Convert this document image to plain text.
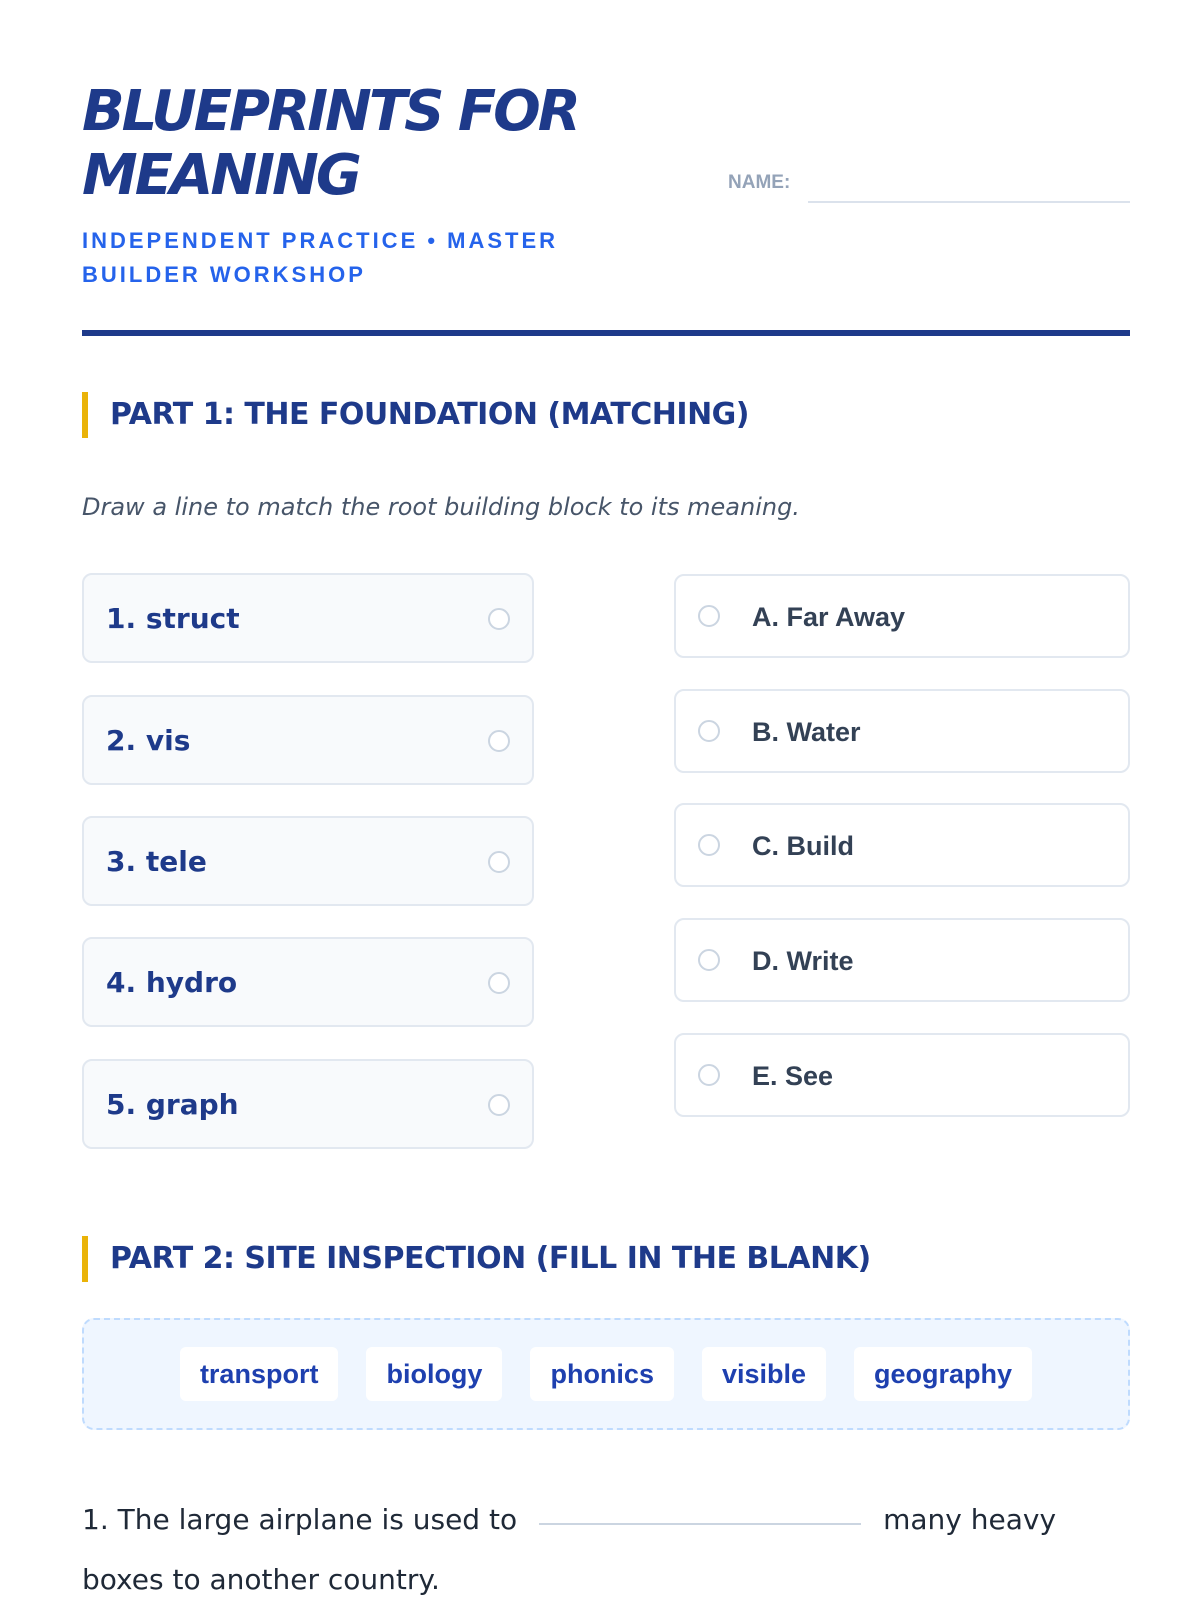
BLUEPRINTS FOR MEANING
INDEPENDENT PRACTICE • MASTER BUILDER WORKSHOP
NAME:
PART 1: THE FOUNDATION (MATCHING)
Draw a line to match the root building block to its meaning.
1. struct
2. vis
3. tele
4. hydro
5. graph
A. Far Away
B. Water
C. Build
D. Write
E. See
PART 2: SITE INSPECTION (FILL IN THE BLANK)
transport	biology	phonics	visible	geography
1. The large airplane is used to	many heavy boxes to another country.
